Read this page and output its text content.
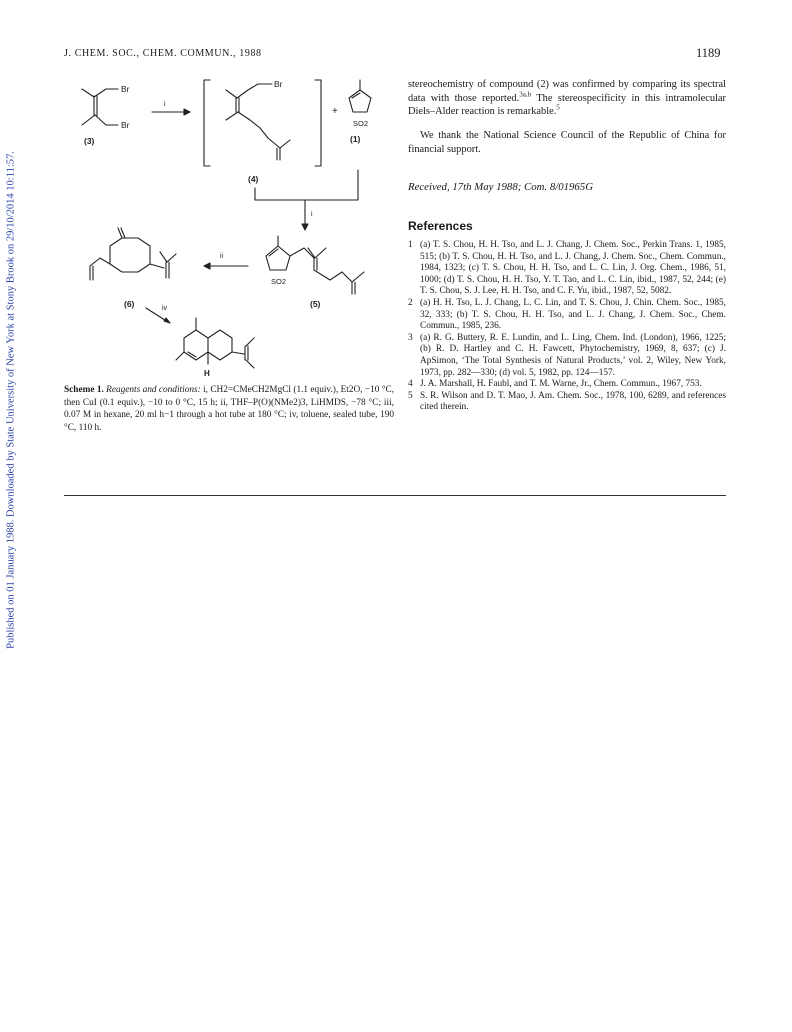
Published on 01 January 1988. Downloaded by State University of New York at Stony Brook on 29/10/2014 10:11:57.
J. CHEM. SOC., CHEM. COMMUN., 1988	1189
Br
Br
(3)
i
Br
+
SO2
(1)
(4)
i
SO2
(5)
ii
(6)	iv
H
Scheme 1. Reagents and conditions: i, CH2=CMeCH2MgCl (1.1 equiv.), Et2O, −10 °C, then CuI (0.1 equiv.), −10 to 0 °C, 15 h; ii, THF–P(O)(NMe2)3, LiHMDS, −78 °C; iii, 0.07 M in hexane, 20 ml h−1 through a hot tube at 180 °C; iv, toluene, sealed tube, 190 °C, 110 h.
stereochemistry of compound (2) was confirmed by comparing its spectral data with those reported.$^{3a,b}$ The stereospecificity in this intramolecular Diels–Alder reaction is remarkable.$^5$
We thank the National Science Council of the Republic of China for financial support.
Received, 17th May 1988; Com. 8/01965G
References
1 (a) T. S. Chou, H. H. Tso, and L. J. Chang, J. Chem. Soc., Perkin Trans. 1, 1985, 515; (b) T. S. Chou, H. H. Tso, and L. J. Chang, J. Chem. Soc., Chem. Commun., 1984, 1323; (c) T. S. Chou, H. H. Tso, and L. C. Lin, J. Org. Chem., 1986, 51, 1000; (d) T. S. Chou, H. H. Tso, Y. T. Tao, and L. C. Lin, ibid., 1987, 52, 244; (e) T. S. Chou, S. J. Lee, H. H. Tso, and C. F. Yu, ibid., 1987, 52, 5082.
2 (a) H. H. Tso, L. J. Chang, L. C. Lin, and T. S. Chou, J. Chin. Chem. Soc., 1985, 32, 333; (b) T. S. Chou, H. H. Tso, and L. J. Chang, J. Chem. Soc., Chem. Commun., 1985, 236.
3 (a) R. G. Buttery, R. E. Lundin, and L. Ling, Chem. Ind. (London), 1966, 1225; (b) R. D. Hartley and C. H. Fawcett, Phytochemistry, 1969, 8, 637; (c) J. ApSimon, ‘The Total Synthesis of Natural Products,’ vol. 2, Wiley, New York, 1973, pp. 282—330; (d) vol. 5, 1982, pp. 124—157.
4 J. A. Marshall, H. Faubl, and T. M. Warne, Jr., Chem. Commun., 1967, 753.
5 S. R. Wilson and D. T. Mao, J. Am. Chem. Soc., 1978, 100, 6289, and references cited therein.
